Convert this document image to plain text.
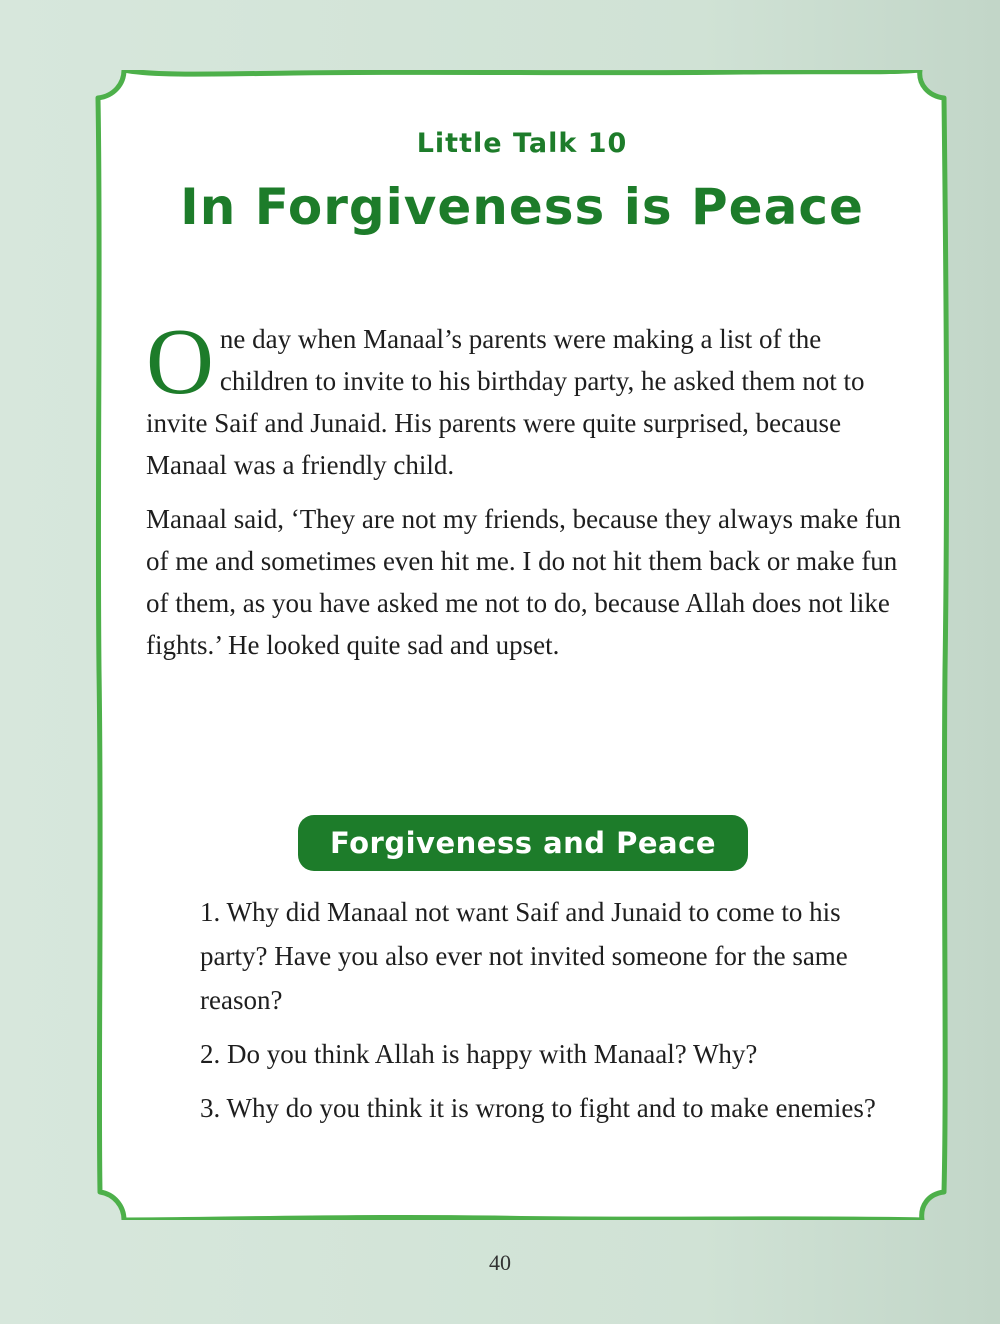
Little Talk 10
In Forgiveness is Peace

One day when Manaal’s parents were making a list of the children to invite to his birthday party, he asked them not to invite Saif and Junaid. His parents were quite surprised, because Manaal was a friendly child.

Manaal said, ‘They are not my friends, because they always make fun of me and sometimes even hit me. I do not hit them back or make fun of them, as you have asked me not to do, because Allah does not like fights.’ He looked quite sad and upset.

Forgiveness and Peace

1. Why did Manaal not want Saif and Junaid to come to his party? Have you also ever not invited someone for the same reason?

2. Do you think Allah is happy with Manaal? Why?

3. Why do you think it is wrong to fight and to make enemies?

40
